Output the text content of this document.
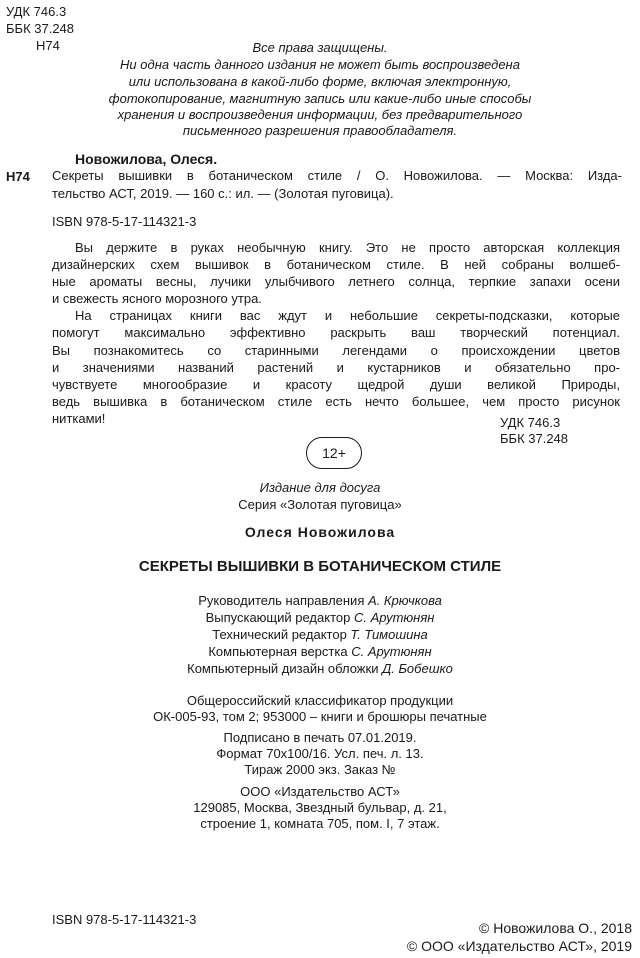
УДК 746.3
ББК 37.248
Н74	Все права защищены.
Ни одна часть данного издания не может быть воспроизведена
или использована в какой-либо форме, включая электронную,
фотокопирование, магнитную запись или какие-либо иные способы
хранения и воспроизведения информации, без предварительного
письменного разрешения правообладателя.
Новожилова, Олеся.
Н74 Секреты вышивки в ботаническом стиле / О. Новожилова. — Москва: Изда-
тельство АСТ, 2019. — 160 с.: ил. — (Золотая пуговица).
ISBN 978-5-17-114321-3
Вы держите в руках необычную книгу. Это не просто авторская коллекция
дизайнерских схем вышивок в ботаническом стиле. В ней собраны волшеб-
ные ароматы весны, лучики улыбчивого летнего солнца, терпкие запахи осени
и свежесть ясного морозного утра.
На страницах книги вас ждут и небольшие секреты-подсказки, которые
помогут максимально эффективно раскрыть ваш творческий потенциал.
Вы познакомитесь со старинными легендами о происхождении цветов
и значениями названий растений и кустарников и обязательно про-
чувствуете многообразие и красоту щедрой души великой Природы,
ведь вышивка в ботаническом стиле есть нечто большее, чем просто рисунок
нитками!	УДК 746.3
ББК 37.248
12+
Издание для досуга
Серия «Золотая пуговица»
Олеся Новожилова
СЕКРЕТЫ ВЫШИВКИ В БОТАНИЧЕСКОМ СТИЛЕ
Руководитель направления А. Крючкова
Выпускающий редактор С. Арутюнян
Технический редактор Т. Тимошина
Компьютерная верстка С. Арутюнян
Компьютерный дизайн обложки Д. Бобешко
Общероссийский классификатор продукции
ОК-005-93, том 2; 953000 – книги и брошюры печатные
Подписано в печать 07.01.2019.
Формат 70x100/16. Усл. печ. л. 13.
Тираж 2000 экз. Заказ №
ООО «Издательство АСТ»
129085, Москва, Звездный бульвар, д. 21,
строение 1, комната 705, пом. I, 7 этаж.
ISBN 978-5-17-114321-3
© Новожилова О., 2018
© ООО «Издательство АСТ», 2019
